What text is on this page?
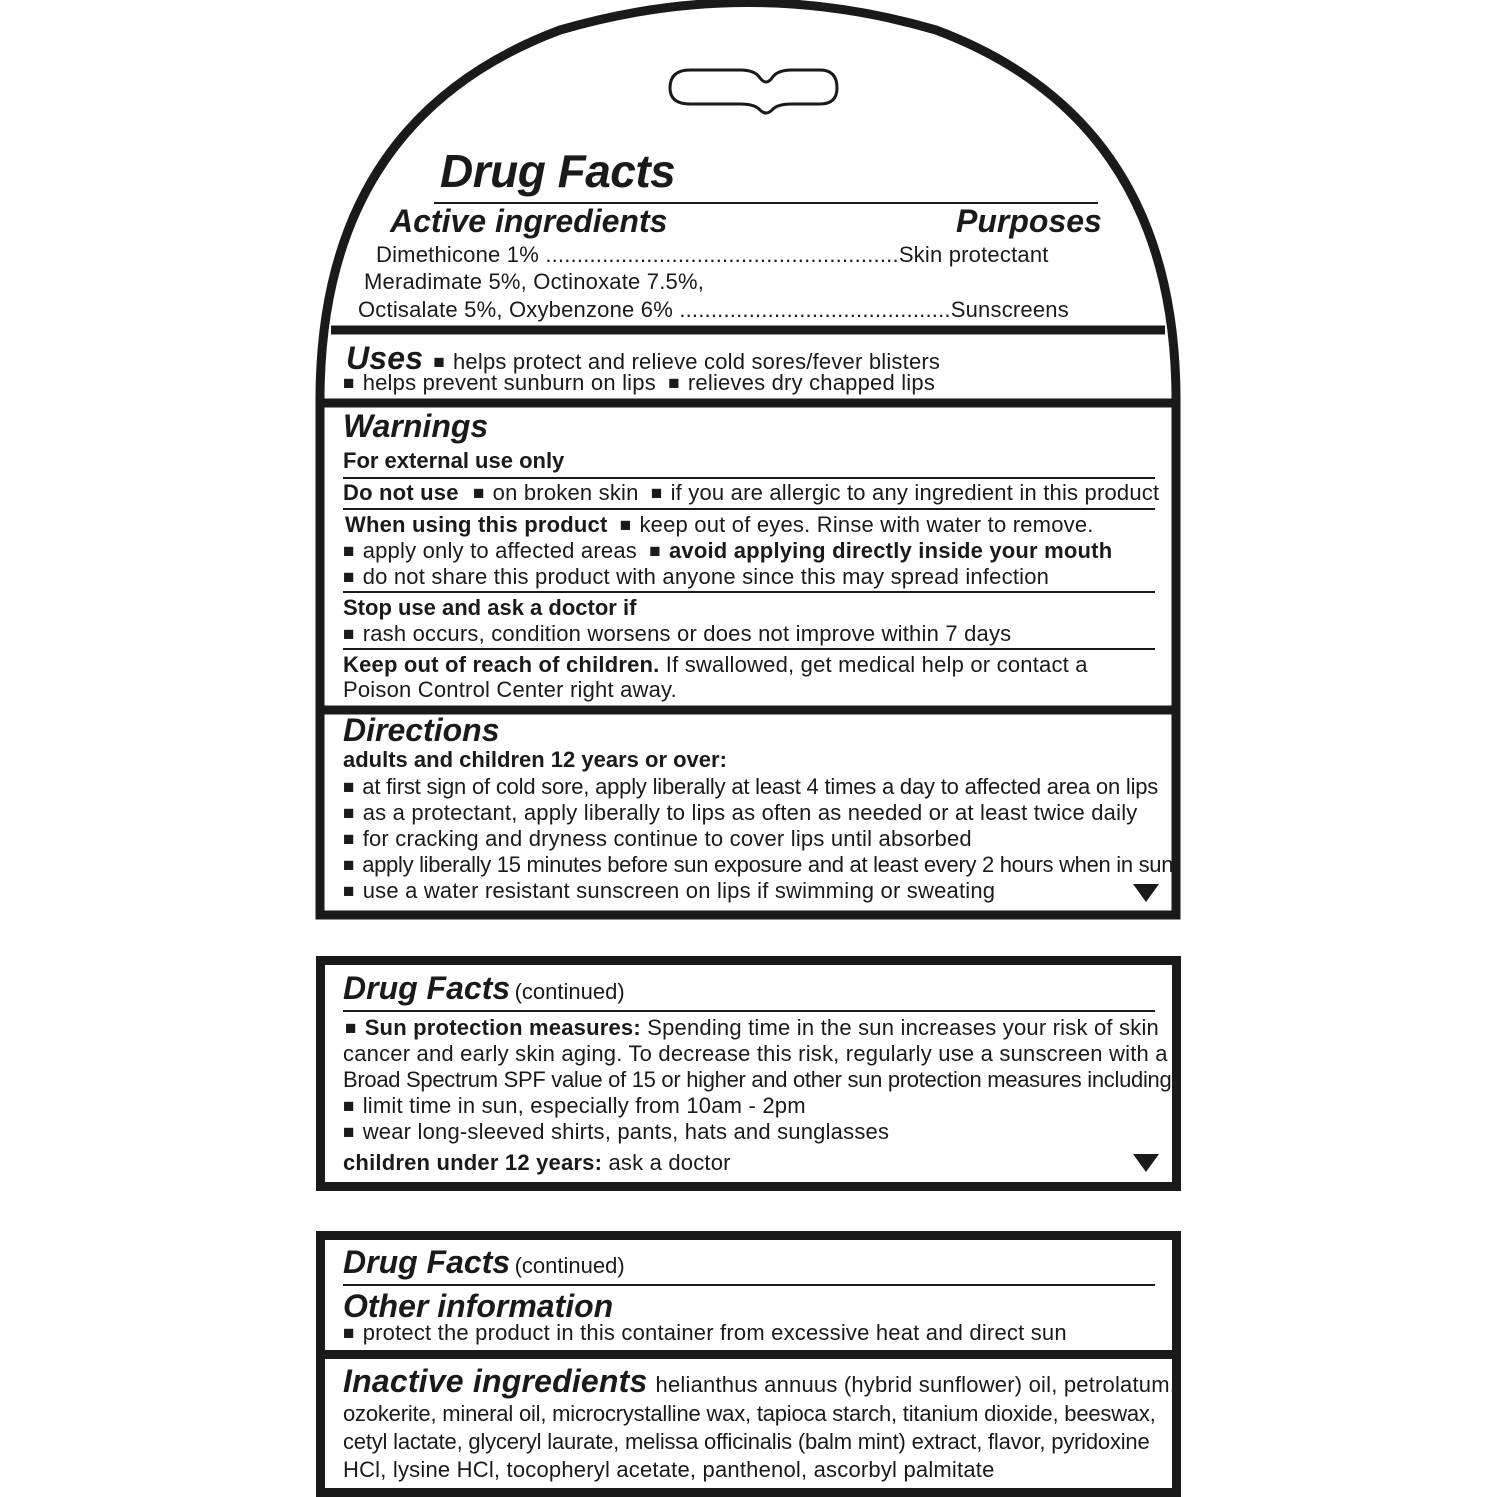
Drug Facts
Active ingredients	Purposes
Dimethicone 1% ........................................................Skin protectant
Meradimate 5%, Octinoxate 7.5%,
Octisalate 5%, Oxybenzone 6% ...........................................Sunscreens
Uses ■ helps protect and relieve cold sores/fever blisters
■ helps prevent sunburn on lips ■ relieves dry chapped lips
Warnings
For external use only
Do not use ■ on broken skin ■ if you are allergic to any ingredient in this product
When using this product ■ keep out of eyes. Rinse with water to remove.
■ apply only to affected areas ■ avoid applying directly inside your mouth
■ do not share this product with anyone since this may spread infection
Stop use and ask a doctor if
■ rash occurs, condition worsens or does not improve within 7 days
Keep out of reach of children. If swallowed, get medical help or contact a
Poison Control Center right away.
Directions
adults and children 12 years or over:
■ at first sign of cold sore, apply liberally at least 4 times a day to affected area on lips
■ as a protectant, apply liberally to lips as often as needed or at least twice daily
■ for cracking and dryness continue to cover lips until absorbed
■ apply liberally 15 minutes before sun exposure and at least every 2 hours when in sun
■ use a water resistant sunscreen on lips if swimming or sweating
Drug Facts (continued)
■ Sun protection measures: Spending time in the sun increases your risk of skin
cancer and early skin aging. To decrease this risk, regularly use a sunscreen with a
Broad Spectrum SPF value of 15 or higher and other sun protection measures including:
■ limit time in sun, especially from 10am - 2pm
■ wear long-sleeved shirts, pants, hats and sunglasses
children under 12 years: ask a doctor
Drug Facts (continued)
Other information
■ protect the product in this container from excessive heat and direct sun
Inactive ingredients helianthus annuus (hybrid sunflower) oil, petrolatum,
ozokerite, mineral oil, microcrystalline wax, tapioca starch, titanium dioxide, beeswax,
cetyl lactate, glyceryl laurate, melissa officinalis (balm mint) extract, flavor, pyridoxine
HCl, lysine HCl, tocopheryl acetate, panthenol, ascorbyl palmitate
